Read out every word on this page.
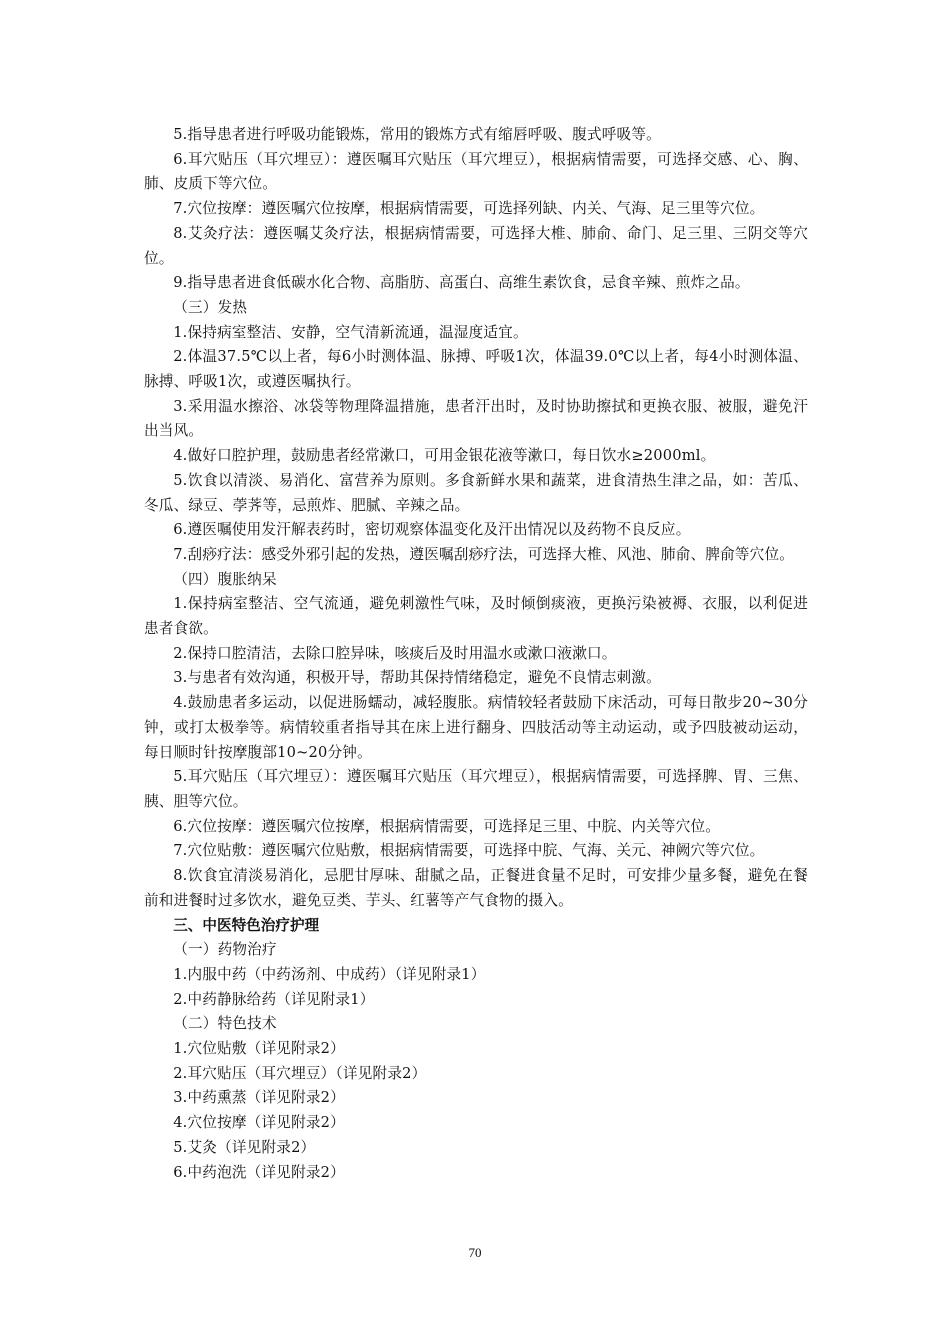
5.指导患者进行呼吸功能锻炼，常用的锻炼方式有缩唇呼吸、腹式呼吸等。

6.耳穴贴压（耳穴埋豆）：遵医嘱耳穴贴压（耳穴埋豆），根据病情需要，可选择交感、心、胸、肺、皮质下等穴位。

7.穴位按摩：遵医嘱穴位按摩，根据病情需要，可选择列缺、内关、气海、足三里等穴位。

8.艾灸疗法：遵医嘱艾灸疗法，根据病情需要，可选择大椎、肺俞、命门、足三里、三阴交等穴位。

9.指导患者进食低碳水化合物、高脂肪、高蛋白、高维生素饮食，忌食辛辣、煎炸之品。

（三）发热

1.保持病室整洁、安静，空气清新流通，温湿度适宜。

2.体温37.5℃以上者，每6小时测体温、脉搏、呼吸1次，体温39.0℃以上者，每4小时测体温、脉搏、呼吸1次，或遵医嘱执行。

3.采用温水擦浴、冰袋等物理降温措施，患者汗出时，及时协助擦拭和更换衣服、被服，避免汗出当风。

4.做好口腔护理，鼓励患者经常漱口，可用金银花液等漱口，每日饮水≥2000ml。

5.饮食以清淡、易消化、富营养为原则。多食新鲜水果和蔬菜，进食清热生津之品，如：苦瓜、冬瓜、绿豆、荸荠等，忌煎炸、肥腻、辛辣之品。

6.遵医嘱使用发汗解表药时，密切观察体温变化及汗出情况以及药物不良反应。

7.刮痧疗法：感受外邪引起的发热，遵医嘱刮痧疗法，可选择大椎、风池、肺俞、脾俞等穴位。

（四）腹胀纳呆

1.保持病室整洁、空气流通，避免刺激性气味，及时倾倒痰液，更换污染被褥、衣服，以利促进患者食欲。

2.保持口腔清洁，去除口腔异味，咳痰后及时用温水或漱口液漱口。

3.与患者有效沟通，积极开导，帮助其保持情绪稳定，避免不良情志刺激。

4.鼓励患者多运动，以促进肠蠕动，减轻腹胀。病情较轻者鼓励下床活动，可每日散步20~30分钟，或打太极拳等。病情较重者指导其在床上进行翻身、四肢活动等主动运动，或予四肢被动运动，每日顺时针按摩腹部10~20分钟。

5.耳穴贴压（耳穴埋豆）：遵医嘱耳穴贴压（耳穴埋豆），根据病情需要，可选择脾、胃、三焦、胰、胆等穴位。

6.穴位按摩：遵医嘱穴位按摩，根据病情需要，可选择足三里、中脘、内关等穴位。

7.穴位贴敷：遵医嘱穴位贴敷，根据病情需要，可选择中脘、气海、关元、神阙穴等穴位。

8.饮食宜清淡易消化，忌肥甘厚味、甜腻之品，正餐进食量不足时，可安排少量多餐，避免在餐前和进餐时过多饮水，避免豆类、芋头、红薯等产气食物的摄入。

三、中医特色治疗护理

（一）药物治疗

1.内服中药（中药汤剂、中成药）（详见附录1）

2.中药静脉给药（详见附录1）

（二）特色技术

1.穴位贴敷（详见附录2）

2.耳穴贴压（耳穴埋豆）（详见附录2）

3.中药熏蒸（详见附录2）

4.穴位按摩（详见附录2）

5.艾灸（详见附录2）

6.中药泡洗（详见附录2）

70
